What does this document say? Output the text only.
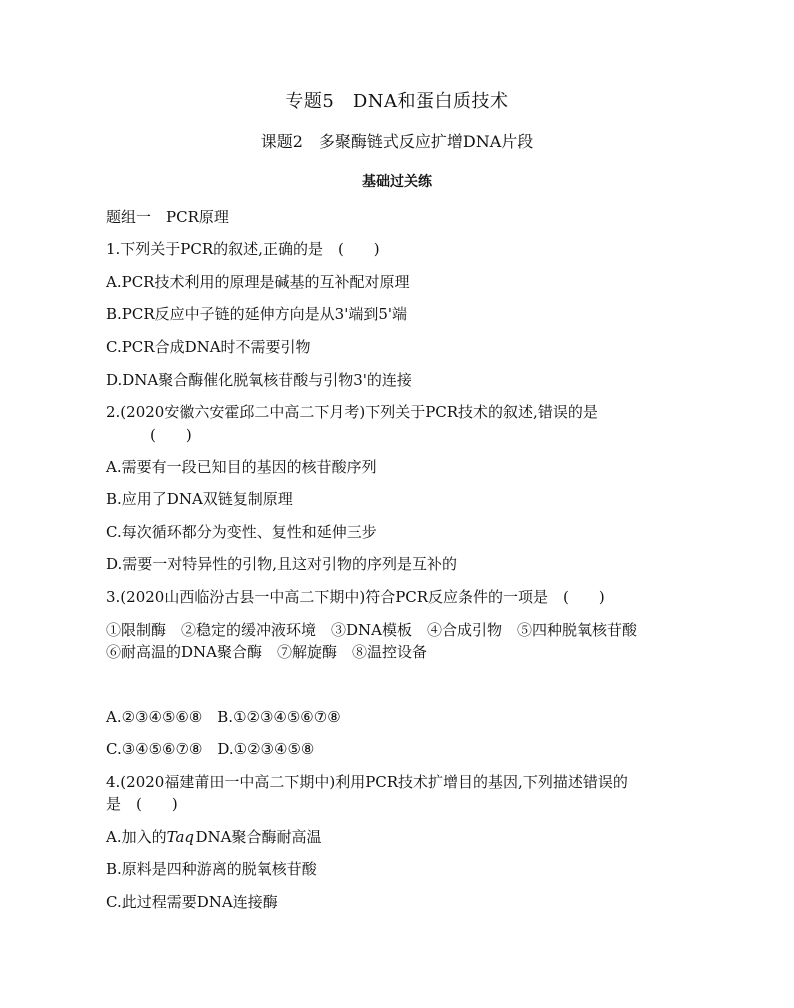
专题5　DNA和蛋白质技术
课题2　多聚酶链式反应扩增DNA片段
基础过关练
题组一　PCR原理
1.下列关于PCR的叙述,正确的是　(　　)
A.PCR技术利用的原理是碱基的互补配对原理
B.PCR反应中子链的延伸方向是从3'端到5'端
C.PCR合成DNA时不需要引物
D.DNA聚合酶催化脱氧核苷酸与引物3'的连接
2.(2020安徽六安霍邱二中高二下月考)下列关于PCR技术的叙述,错误的是
(　　)
A.需要有一段已知目的基因的核苷酸序列
B.应用了DNA双链复制原理
C.每次循环都分为变性、复性和延伸三步
D.需要一对特异性的引物,且这对引物的序列是互补的
3.(2020山西临汾古县一中高二下期中)符合PCR反应条件的一项是　(　　)
①限制酶　②稳定的缓冲液环境　③DNA模板　④合成引物　⑤四种脱氧核苷酸
⑥耐高温的DNA聚合酶　⑦解旋酶　⑧温控设备
A.②③④⑤⑥⑧　B.①②③④⑤⑥⑦⑧
C.③④⑤⑥⑦⑧　D.①②③④⑤⑧
4.(2020福建莆田一中高二下期中)利用PCR技术扩增目的基因,下列描述错误的
是　(　　)
A.加入的Taq  DNA聚合酶耐高温
B.原料是四种游离的脱氧核苷酸
C.此过程需要DNA连接酶
